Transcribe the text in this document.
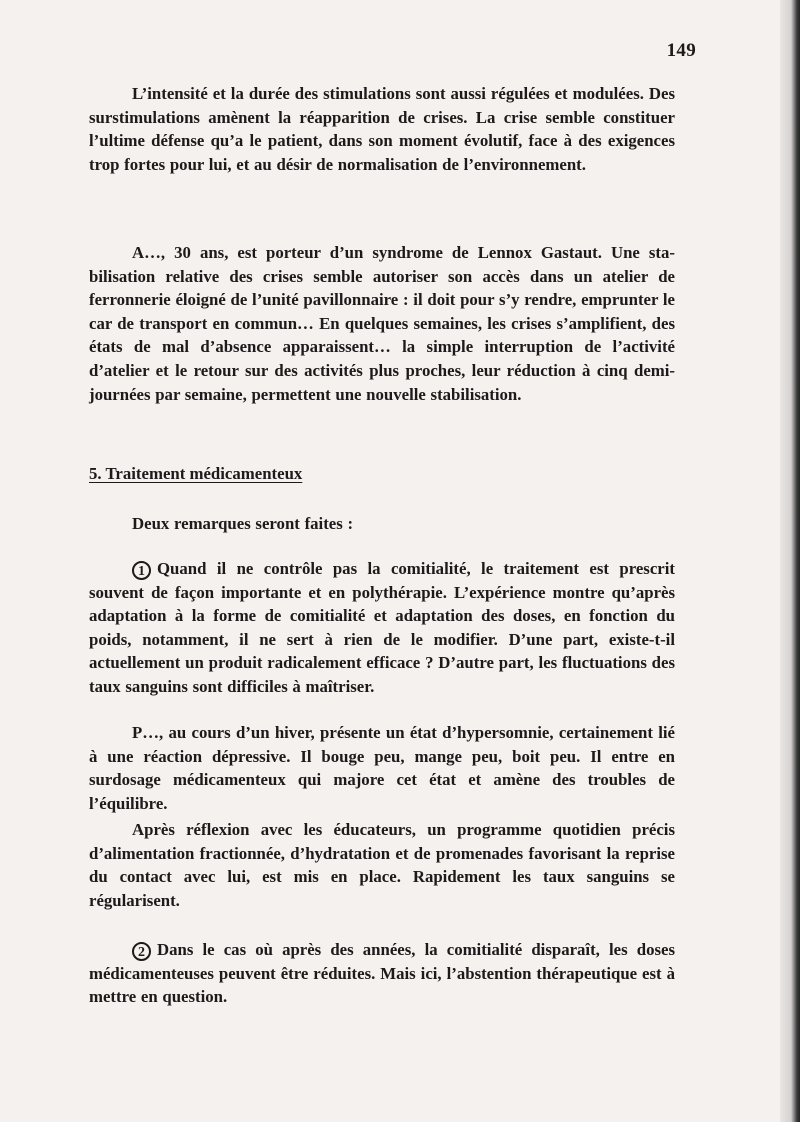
149

L’intensité et la durée des stimulations sont aussi régulées et modulées. Des surstimulations amènent la réapparition de crises. La crise semble constituer l’ultime défense qu’a le patient, dans son moment évolutif, face à des exigences trop fortes pour lui, et au désir de normalisation de l’environnement.

A…, 30 ans, est porteur d’un syndrome de Lennox Gastaut. Une stabilisation relative des crises semble autoriser son accès dans un atelier de ferronnerie éloigné de l’unité pavillonnaire : il doit pour s’y rendre, emprunter le car de transport en commun… En quelques semaines, les crises s’amplifient, des états de mal d’absence apparaissent… la simple interruption de l’activité d’atelier et le retour sur des activités plus proches, leur réduction à cinq demi-journées par semaine, permettent une nouvelle stabilisation.

5. Traitement médicamenteux

Deux remarques seront faites :

1 Quand il ne contrôle pas la comitialité, le traitement est prescrit souvent de façon importante et en polythérapie. L’expérience montre qu’après adaptation à la forme de comitialité et adaptation des doses, en fonction du poids, notamment, il ne sert à rien de le modifier. D’une part, existe-t-il actuellement un produit radicalement efficace ? D’autre part, les fluctuations des taux sanguins sont difficiles à maîtriser.

P…, au cours d’un hiver, présente un état d’hypersomnie, certainement lié à une réaction dépressive. Il bouge peu, mange peu, boit peu. Il entre en surdosage médicamenteux qui majore cet état et amène des troubles de l’équilibre.

Après réflexion avec les éducateurs, un programme quotidien précis d’alimentation fractionnée, d’hydratation et de promenades favorisant la reprise du contact avec lui, est mis en place. Rapidement les taux sanguins se régularisent.

2 Dans le cas où après des années, la comitialité disparaît, les doses médicamenteuses peuvent être réduites. Mais ici, l’abstention thérapeutique est à mettre en question.
